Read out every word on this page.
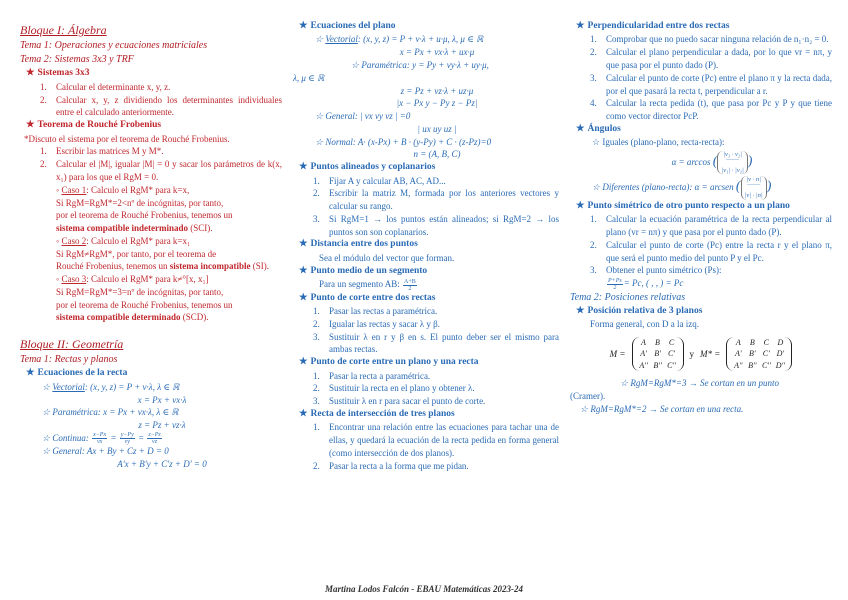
Bloque I: Álgebra
Tema 1: Operaciones y ecuaciones matriciales
Tema 2: Sistemas 3x3 y TRF
★ Sistemas 3x3
1.	Calcular el determinante x, y, z.
2.	Calcular x, y, z dividiendo los determinantes individuales entre el calculado anteriormente.
★ Teorema de Rouché Frobenius
*Discuto el sistema por el teorema de Rouché Frobenius.
1.	Escribir las matrices M y M*.
2.	Calcular el |M|, igualar |M| = 0 y sacar los parámetros de k(x, x₁) para los que el RgM = 0.
◦ Caso 1: Calculo el RgM* para k=x,
Si RgM=RgM*=2<nº de incógnitas, por tanto,
por el teorema de Rouché Frobenius, tenemos un
sistema compatible indeterminado (SCI).
◦ Caso 2: Calculo el RgM* para k=x₁
Si RgM≠RgM*, por tanto, por el teorema de
Rouché Frobenius, tenemos un sistema incompatible (SI).
◦ Caso 3: Calculo el RgM* para k≠°[x, x₁]
Si RgM=RgM*=3=nº de incógnitas, por tanto,
por el teorema de Rouché Frobenius, tenemos un
sistema compatible determinado (SCD).
Bloque II: Geometría
Tema 1: Rectas y planos
★ Ecuaciones de la recta
☆ Vectorial: (x, y, z) = P + v·λ, λ ∈ ℝ
x = Px + vx·λ
☆ Paramétrica: x = Px + vx·λ, λ ∈ ℝ
z = Pz + vz·λ
☆ Continua: $\frac{x-Px}{vx} = \frac{y-Py}{vy} = \frac{z-Pz}{vz}$
☆ General: Ax + By + Cz + D = 0
A'x + B'y + C'z + D' = 0
★ Ecuaciones del plano
☆ Vectorial: (x, y, z) = P + v·λ + u·μ, λ, μ ∈ ℝ
x = Px + vx·λ + ux·μ
☆ Paramétrica: y = Py + vy·λ + uy·μ,
λ, μ ∈ ℝ
z = Pz + vz·λ + uz·μ
|x − Px y − Py z − Pz|
☆ General: | vx vy vz | =0
| ux uy uz |
☆ Normal: A· (x-Px) + B · (y-Py) + C · (z-Pz)=0
n = (A, B, C)
★ Puntos alineados y coplanarios
1.	Fijar A y calcular AB, AC, AD...
2.	Escribir la matriz M, formada por los anteriores vectores y calcular su rango.
3.	Si RgM=1 → los puntos están alineados; si RgM=2 → los puntos son son coplanarios.
★ Distancia entre dos puntos
Sea el módulo del vector que forman.
★ Punto medio de un segmento
Para un segmento AB: $\frac{A+B}{2}$
★ Punto de corte entre dos rectas
1.	Pasar las rectas a paramétrica.
2.	Igualar las rectas y sacar λ y β.
3.	Sustituir λ en r y β en s. El punto deber ser el mismo para ambas rectas.
★ Punto de corte entre un plano y una recta
1.	Pasar la recta a paramétrica.
2.	Sustituir la recta en el plano y obtener λ.
3.	Sustituir λ en r para sacar el punto de corte.
★ Recta de intersección de tres planos
1.	Encontrar una relación entre las ecuaciones para tachar una de ellas, y quedará la ecuación de la recta pedida en forma general (como intersección de dos planos).
2.	Pasar la recta a la forma que me pidan.
★ Perpendicularidad entre dos rectas
1.	Comprobar que no puedo sacar ninguna relación de n₁·n₂ = 0.
2.	Calcular el plano perpendicular a dada, por lo que vr = nπ, y que pasa por el punto dado (P).
3.	Calcular el punto de corte (Pc) entre el plano π y la recta dada, por el que pasará la recta t, perpendicular a r.
4.	Calcular la recta pedida (t), que pasa por Pc y P y que tiene como vector director PcP.
★ Ángulos
☆ Iguales (plano-plano, recta-recta):
α = arccos ( |v₁ · v₂|
‾‾‾‾‾‾
|v₁| · |v₂|)
☆ Diferentes (plano-recta): α = arcsen ( |v · n|
‾‾‾‾‾‾
|v| · |n|)
★ Punto simétrico de otro punto respecto a un plano
1.	Calcular la ecuación paramétrica de la recta perpendicular al plano (vr = nπ) y que pasa por el punto dado (P).
2.	Calcular el punto de corte (Pc) entre la recta r y el plano π, que será el punto medio del punto P y el Pc.
3.	Obtener el punto simétrico (Ps):
$\frac{P+Ps}{2} = Pc$, ( , , ) = Pc
Tema 2: Posiciones relativas
★ Posición relativa de 3 planos
Forma general, con D a la izq.
M =
A	B	C
A' B' C'
A'' B'' C''
y M* =
A	B	C	D
A' B' C' D'
A'' B'' C'' D''
☆ RgM=RgM*=3 → Se cortan en un punto
(Cramer).
☆ RgM=RgM*=2 → Se cortan en una recta.
Martina Lodos Falcón - EBAU Matemáticas 2023-24
